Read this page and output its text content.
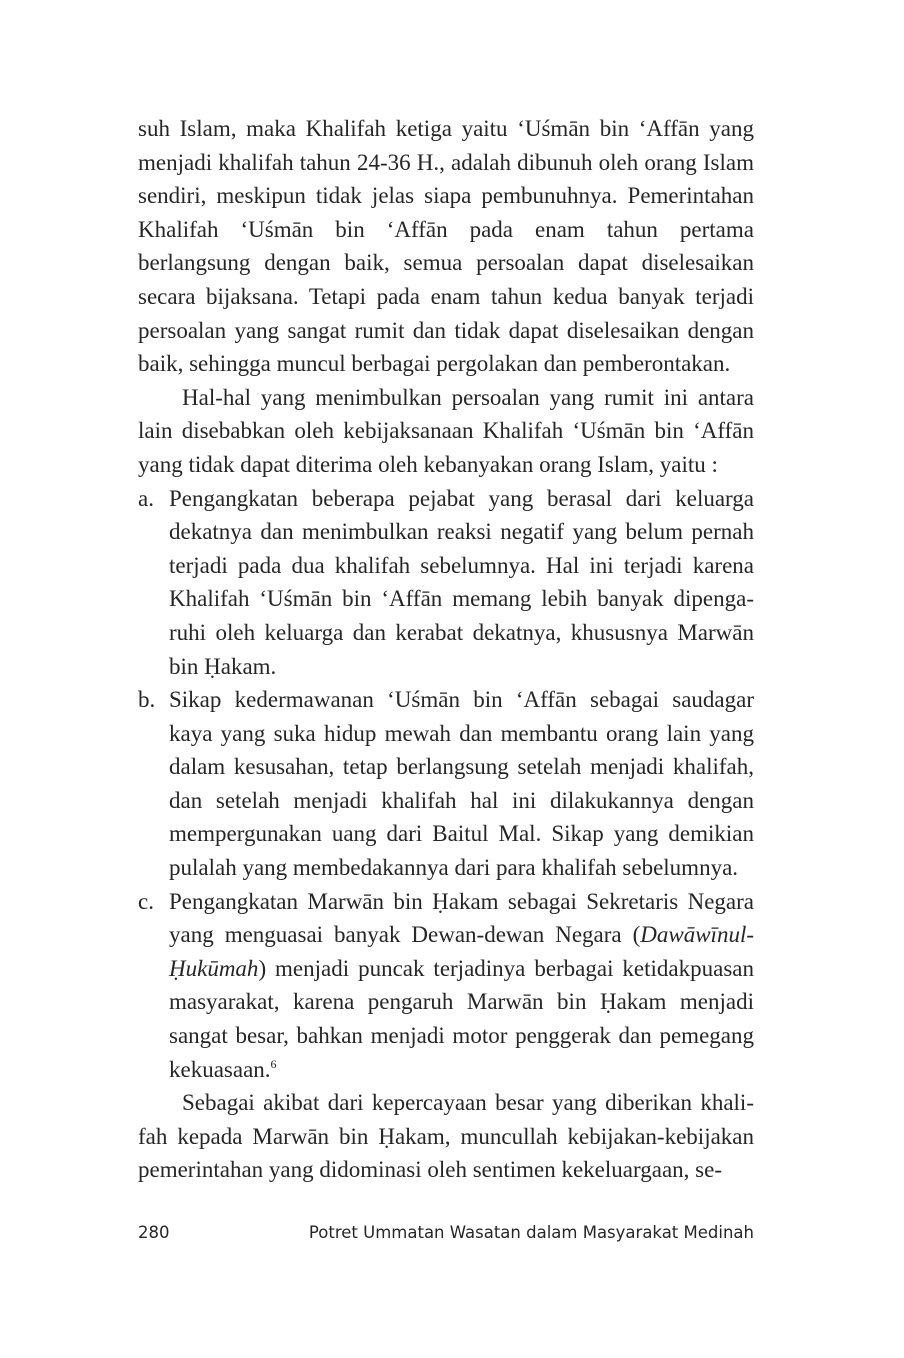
suh Islam, maka Khalifah ketiga yaitu ‘Uśmān bin ‘Affān yang menjadi khalifah tahun 24-36 H., adalah dibunuh oleh orang Islam sendiri, meskipun tidak jelas siapa pembunuhnya. Pemerintahan Khalifah ‘Uśmān bin ‘Affān pada enam tahun pertama berlangsung dengan baik, semua persoalan dapat diselesaikan secara bijaksana. Tetapi pada enam tahun kedua banyak terjadi persoalan yang sangat rumit dan tidak dapat diselesaikan dengan baik, sehingga muncul berbagai pergolakan dan pemberontakan.

Hal-hal yang menimbulkan persoalan yang rumit ini antara lain disebabkan oleh kebijaksanaan Khalifah ‘Uśmān bin ‘Affān yang tidak dapat diterima oleh kebanyakan orang Islam, yaitu :

a. Pengangkatan beberapa pejabat yang berasal dari keluarga dekatnya dan menimbulkan reaksi negatif yang belum pernah terjadi pada dua khalifah sebelumnya. Hal ini terjadi karena Khalifah ‘Uśmān bin ‘Affān memang lebih banyak dipengaruhi oleh keluarga dan kerabat dekatnya, khususnya Marwān bin Ḥakam.
b. Sikap kedermawanan ‘Uśmān bin ‘Affān sebagai saudagar kaya yang suka hidup mewah dan membantu orang lain yang dalam kesusahan, tetap berlangsung setelah menjadi khalifah, dan setelah menjadi khalifah hal ini dilakukannya dengan mempergunakan uang dari Baitul Mal. Sikap yang demikian pulalah yang membedakannya dari para khalifah sebelumnya.
c. Pengangkatan Marwān bin Ḥakam sebagai Sekretaris Negara yang menguasai banyak Dewan-dewan Negara (Dawāwīnul-Ḥukūmah) menjadi puncak terjadinya berbagai ketidakpuasan masyarakat, karena pengaruh Marwān bin Ḥakam menjadi sangat besar, bahkan menjadi motor penggerak dan pemegang kekuasaan.$^6$

Sebagai akibat dari kepercayaan besar yang diberikan khalifah kepada Marwān bin Ḥakam, muncullah kebijakan-kebijakan pemerintahan yang didominasi oleh sentimen kekeluargaan, se-

280	Potret Ummatan Wasatan dalam Masyarakat Medinah
